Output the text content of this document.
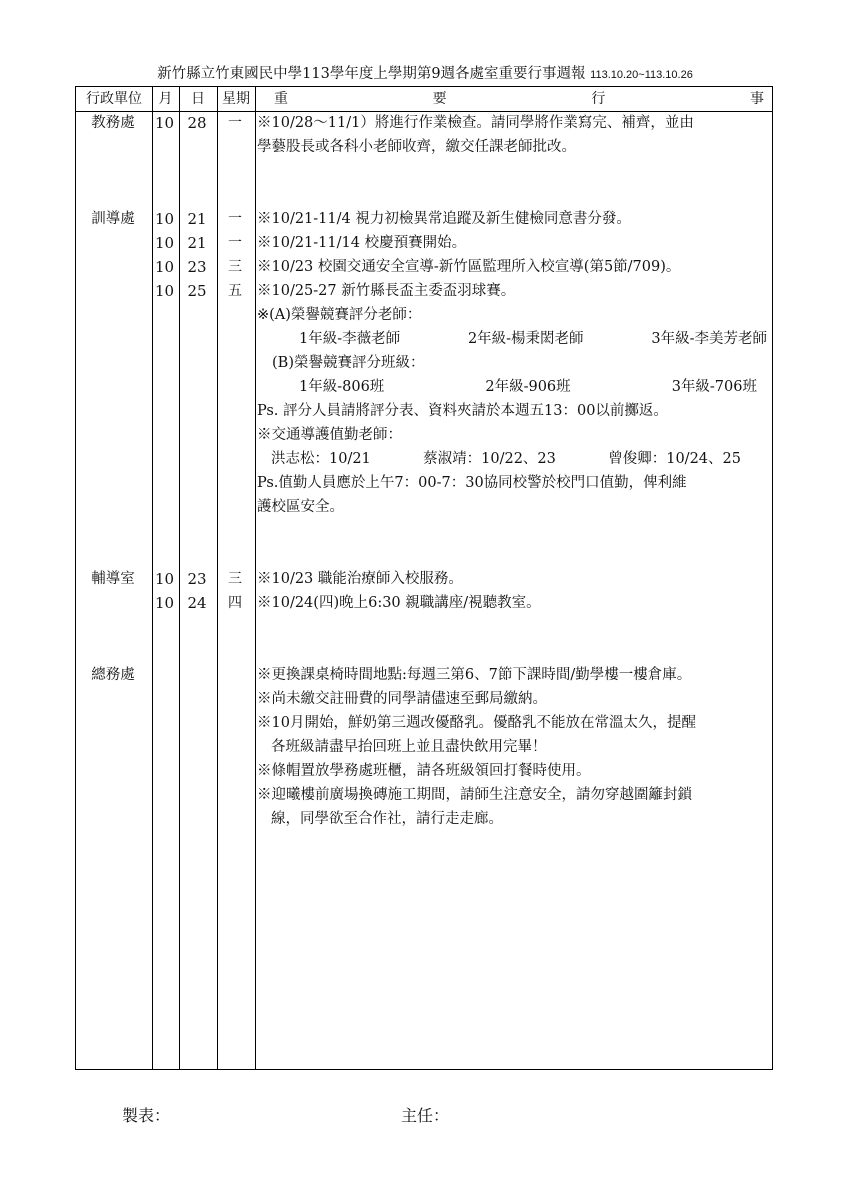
新竹縣立竹東國民中學113學年度上學期第9週各處室重要行事週報 113.10.20~113.10.26
行政單位	月	日	星期	重	要	行	事
教務處	10 28	一	※10/28～11/1）將進行作業檢查。請同學將作業寫完、補齊，並由
學藝股長或各科小老師收齊，繳交任課老師批改。
訓導處	10 21	一	※10/21-11/4 視力初檢異常追蹤及新生健檢同意書分發。
10 21	一	※10/21-11/14 校慶預賽開始。
10 23	三	※10/23 校園交通安全宣導-新竹區監理所入校宣導(第5節/709)。
10 25	五	※10/25-27 新竹縣長盃主委盃羽球賽。
※(A)榮譽競賽評分老師：
1年級-李薇老師	2年級-楊秉閎老師	3年級-李美芳老師
(B)榮譽競賽評分班級：
1年級-806班	2年級-906班	3年級-706班
Ps. 評分人員請將評分表、資料夾請於本週五13：00以前擲返。
※交通導護值勤老師：
洪志松：10/21	蔡淑靖：10/22、23	曾俊卿：10/24、25
Ps.值勤人員應於上午7：00-7：30協同校警於校門口值勤，俾利維
護校區安全。
輔導室	10 23	三	※10/23 職能治療師入校服務。
10 24	四	※10/24(四)晚上6:30 親職講座/視聽教室。
總務處	※更換課桌椅時間地點:每週三第6、7節下課時間/勤學樓一樓倉庫。
※尚未繳交註冊費的同學請儘速至郵局繳納。
※10月開始，鮮奶第三週改優酪乳。優酪乳不能放在常溫太久，提醒
各班級請盡早抬回班上並且盡快飲用完畢！
※條帽置放學務處班櫃，請各班級領回打餐時使用。
※迎曦樓前廣場換磚施工期間，請師生注意安全，請勿穿越圍籬封鎖
線，同學欲至合作社，請行走走廊。
製表：	主任：
